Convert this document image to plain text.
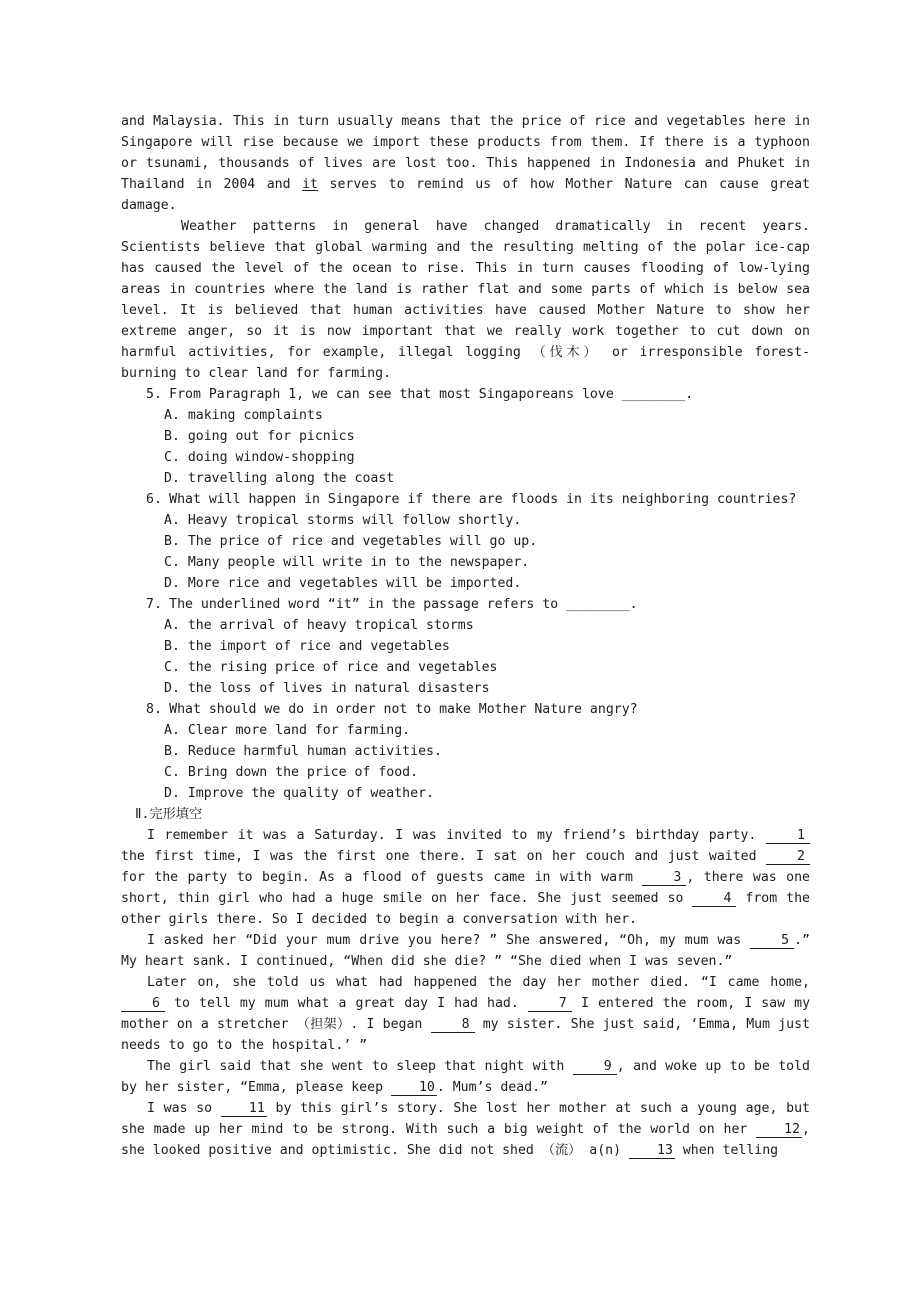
and Malaysia. This in turn usually means that the price of rice and vegetables here in Singapore will rise because we import these products from them. If there is a typhoon or tsunami, thousands of lives are lost too. This happened in Indonesia and Phuket in Thailand in 2004 and it serves to remind us of how Mother Nature can cause great damage.

Weather patterns in general have changed dramatically in recent years. Scientists believe that global warming and the resulting melting of the polar ice-cap has caused the level of the ocean to rise. This in turn causes flooding of low-lying areas in countries where the land is rather flat and some parts of which is below sea level. It is believed that human activities have caused Mother Nature to show her extreme anger, so it is now important that we really work together to cut down on harmful activities, for example, illegal logging （伐木） or irresponsible forest-burning to clear land for farming.

5. From Paragraph 1, we can see that most Singaporeans love ________.

A. making complaints

B. going out for picnics

C. doing window-shopping

D. travelling along the coast

6. What will happen in Singapore if there are floods in its neighboring countries?

A. Heavy tropical storms will follow shortly.

B. The price of rice and vegetables will go up.

C. Many people will write in to the newspaper.

D. More rice and vegetables will be imported.

7. The underlined word “it” in the passage refers to ________.

A. the arrival of heavy tropical storms

B. the import of rice and vegetables

C. the rising price of rice and vegetables

D. the loss of lives in natural disasters

8. What should we do in order not to make Mother Nature angry?

A. Clear more land for farming.

B. Reduce harmful human activities.

C. Bring down the price of food.

D. Improve the quality of weather.

Ⅱ.完形填空

I remember it was a Saturday. I was invited to my friend’s birthday party. 1 the first time, I was the first one there. I sat on her couch and just waited 2 for the party to begin. As a flood of guests came in with warm 3 , there was one short, thin girl who had a huge smile on her face. She just seemed so 4 from the other girls there. So I decided to begin a conversation with her.

I asked her “Did your mum drive you here? ” She answered, “Oh, my mum was 5 .” My heart sank. I continued, “When did she die? ” “She died when I was seven.”

Later on, she told us what had happened the day her mother died. “I came home, 6 to tell my mum what a great day I had had. 7 I entered the room, I saw my mother on a stretcher （担架）. I began 8 my sister. She just said, ‘Emma, Mum just needs to go to the hospital.’ ”

The girl said that she went to sleep that night with 9 , and woke up to be told by her sister, “Emma, please keep 10 . Mum’s dead.”

I was so 11 by this girl’s story. She lost her mother at such a young age, but she made up her mind to be strong. With such a big weight of the world on her 12 , she looked positive and optimistic. She did not shed （流） a(n) 13 when telling
